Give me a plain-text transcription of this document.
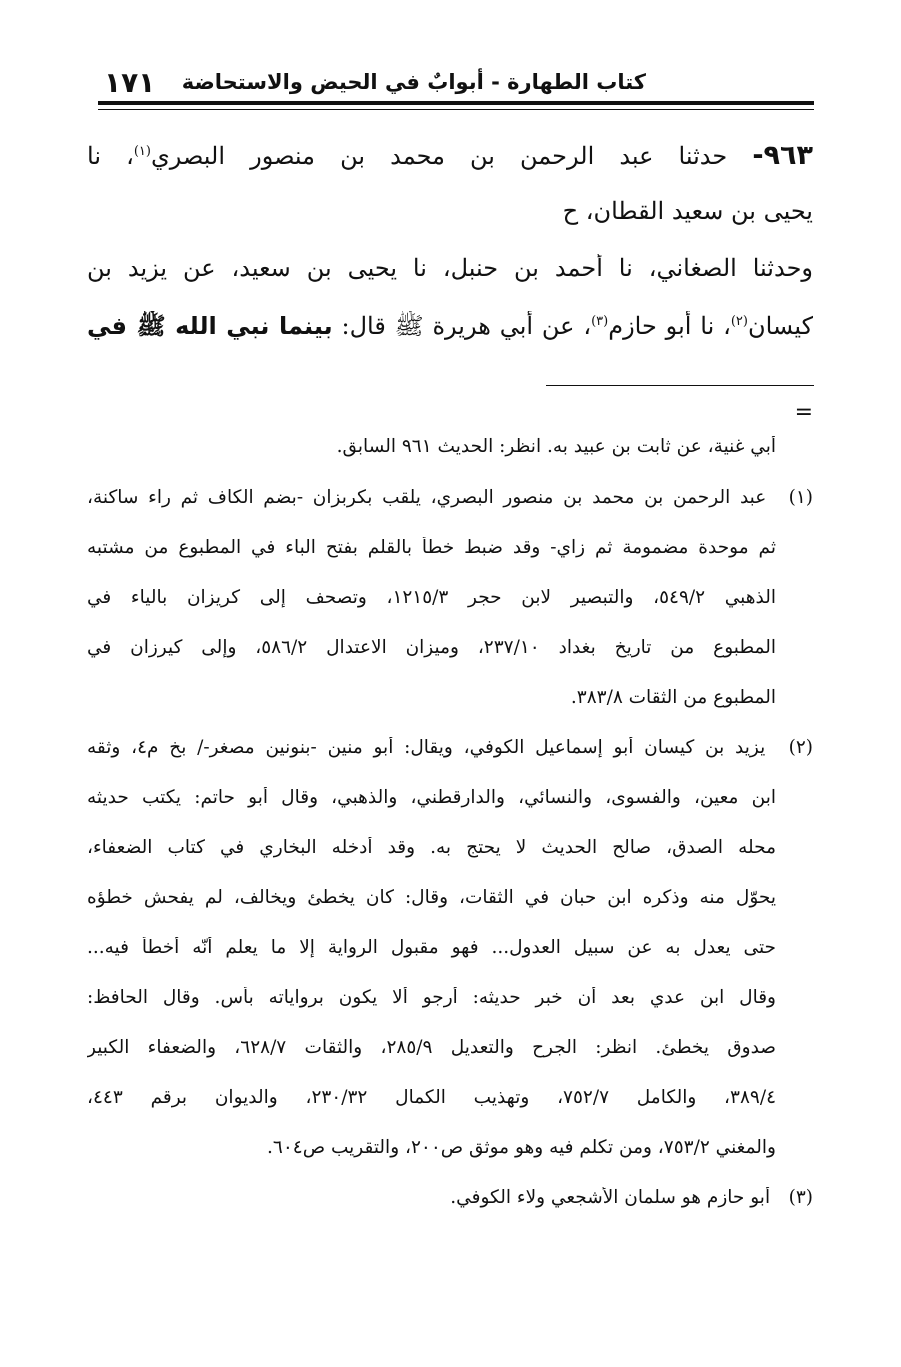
كتاب الطهارة - أبوابٌ في الحيض والاستحاضة
١٧١
٩٦٣- حدثنا عبد الرحمن بن محمد بن منصور البصري$^{(١)}$، نا
يحيى بن سعيد القطان، ح
وحدثنا الصغاني، نا أحمد بن حنبل، نا يحيى بن سعيد، عن يزيد بن
كيسان$^{(٢)}$، نا أبو حازم$^{(٣)}$، عن أبي هريرة ﷺ قال: بينما نبي الله ﷺ في
=
أبي غنية، عن ثابت بن عبيد به. انظر: الحديث ٩٦١ السابق.
(١) عبد الرحمن بن محمد بن منصور البصري، يلقب بكربزان -بضم الكاف ثم راء ساكنة،
ثم موحدة مضمومة ثم زاي- وقد ضبط خطأ بالقلم بفتح الباء في المطبوع من مشتبه
الذهبي ٥٤٩/٢، والتبصير لابن حجر ١٢١٥/٣، وتصحف إلى كريزان بالياء في
المطبوع من تاريخ بغداد ٢٣٧/١٠، وميزان الاعتدال ٥٨٦/٢، وإلى كيرزان في
المطبوع من الثقات ٣٨٣/٨.
(٢) يزيد بن كيسان أبو إسماعيل الكوفي، ويقال: أبو منين -بنونين مصغر-/ بخ م٤، وثقه
ابن معين، والفسوى، والنسائي، والدارقطني، والذهبي، وقال أبو حاتم: يكتب حديثه
محله الصدق، صالح الحديث لا يحتج به. وقد أدخله البخاري في كتاب الضعفاء،
يحوّل منه وذكره ابن حبان في الثقات، وقال: كان يخطئ ويخالف، لم يفحش خطؤه
حتى يعدل به عن سبيل العدول... فهو مقبول الرواية إلا ما يعلم أنّه أخطأ فيه...
وقال ابن عدي بعد أن خبر حديثه: أرجو ألا يكون برواياته بأس. وقال الحافظ:
صدوق يخطئ. انظر: الجرح والتعديل ٢٨٥/٩، والثقات ٦٢٨/٧، والضعفاء الكبير
٣٨٩/٤، والكامل ٧٥٢/٧، وتهذيب الكمال ٢٣٠/٣٢، والديوان برقم ٤٤٣،
والمغني ٧٥٣/٢، ومن تكلم فيه وهو موثق ص٢٠٠، والتقريب ص٦٠٤.
(٣) أبو حازم هو سلمان الأشجعي ولاء الكوفي.
